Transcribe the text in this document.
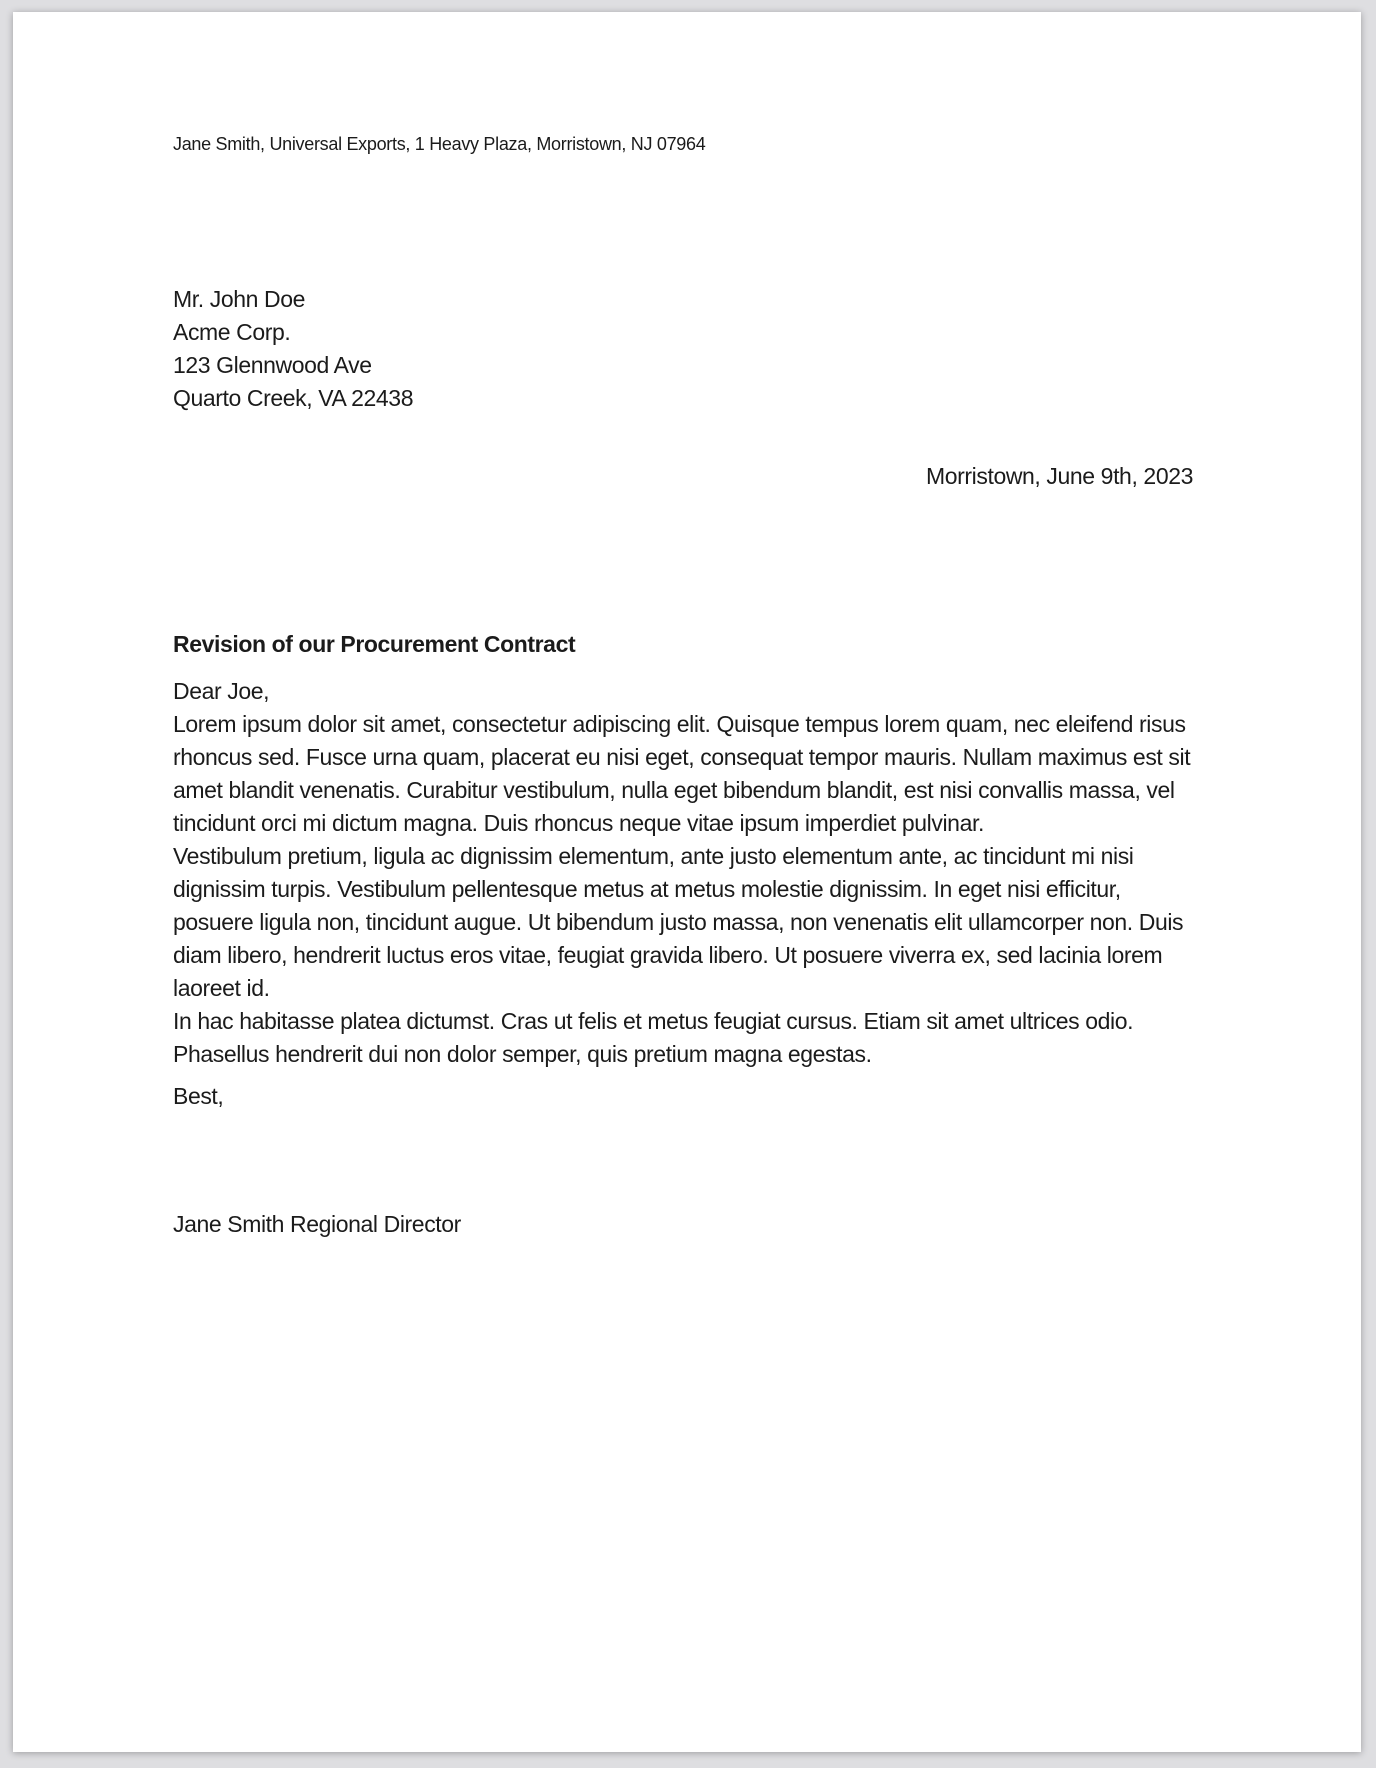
Jane Smith, Universal Exports, 1 Heavy Plaza, Morristown, NJ 07964
Mr. John Doe
Acme Corp.
123 Glennwood Ave
Quarto Creek, VA 22438
Morristown, June 9th, 2023
Revision of our Procurement Contract
Dear Joe,

Lorem ipsum dolor sit amet, consectetur adipiscing elit. Quisque tempus lorem quam, nec eleifend risus rhoncus sed. Fusce urna quam, placerat eu nisi eget, consequat tempor mauris. Nullam maximus est sit amet blandit venenatis. Curabitur vestibulum, nulla eget bibendum blandit, est nisi convallis massa, vel tincidunt orci mi dictum magna. Duis rhoncus neque vitae ipsum imperdiet pulvinar.

Vestibulum pretium, ligula ac dignissim elementum, ante justo elementum ante, ac tincidunt mi nisi dignissim turpis. Vestibulum pellentesque metus at metus molestie dignissim. In eget nisi efficitur, posuere ligula non, tincidunt augue. Ut bibendum justo massa, non venenatis elit ullamcorper non. Duis diam libero, hendrerit luctus eros vitae, feugiat gravida libero. Ut posuere viverra ex, sed lacinia lorem laoreet id.

In hac habitasse platea dictumst. Cras ut felis et metus feugiat cursus. Etiam sit amet ultrices odio. Phasellus hendrerit dui non dolor semper, quis pretium magna egestas.

Best,
Jane Smith Regional Director
